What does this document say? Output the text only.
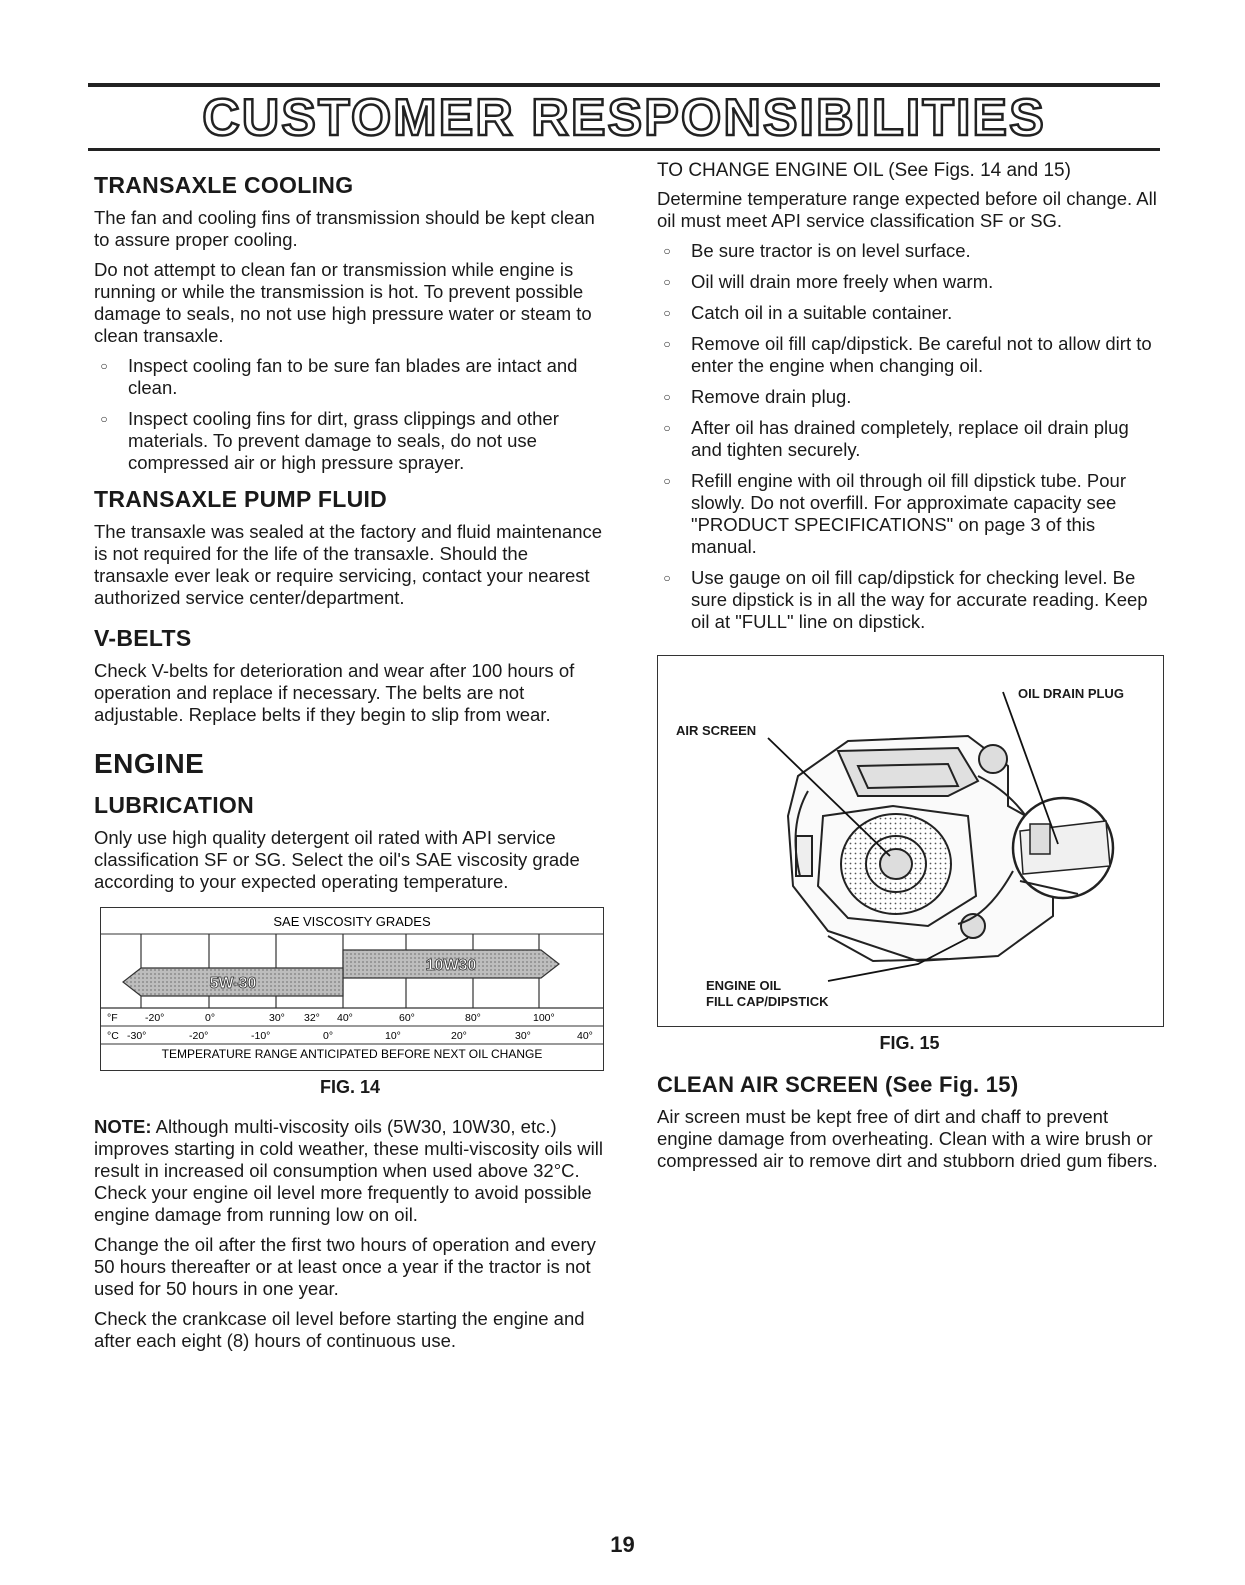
CUSTOMER RESPONSIBILITIES
TRANSAXLE COOLING

The fan and cooling fins of transmission should be kept clean to assure proper cooling.

Do not attempt to clean fan or transmission while engine is running or while the transmission is hot. To prevent possible damage to seals, no not use high pressure water or steam to clean transaxle.

○	Inspect cooling fan to be sure fan blades are intact and clean.
○	Inspect cooling fins for dirt, grass clippings and other materials. To prevent damage to seals, do not use compressed air or high pressure sprayer.
TRANSAXLE PUMP FLUID

The transaxle was sealed at the factory and fluid maintenance is not required for the life of the transaxle. Should the transaxle ever leak or require servicing, contact your nearest authorized service center/department.

V-BELTS

Check V-belts for deterioration and wear after 100 hours of operation and replace if necessary. The belts are not adjustable. Replace belts if they begin to slip from wear.

ENGINE
LUBRICATION

Only use high quality detergent oil rated with API service classification SF or SG. Select the oil's SAE viscosity grade according to your expected operating temperature.

SAE VISCOSITY GRADES
10W30
5W-30
°F	-20°	0°	30° 32° 40°	60°	80°	100°
°C -30°	-20°	-10°	0°	10°	20°	30°	40°
TEMPERATURE RANGE ANTICIPATED BEFORE NEXT OIL CHANGE
FIG. 14

NOTE: Although multi-viscosity oils (5W30, 10W30, etc.) improves starting in cold weather, these multi-viscosity oils will result in increased oil consumption when used above 32°C. Check your engine oil level more frequently to avoid possible engine damage from running low on oil.

Change the oil after the first two hours of operation and every 50 hours thereafter or at least once a year if the tractor is not used for 50 hours in one year.

Check the crankcase oil level before starting the engine and after each eight (8) hours of continuous use.

TO CHANGE ENGINE OIL (See Figs. 14 and 15)

Determine temperature range expected before oil change. All oil must meet API service classification SF or SG.

○	Be sure tractor is on level surface.
○	Oil will drain more freely when warm.
○	Catch oil in a suitable container.
○	Remove oil fill cap/dipstick. Be careful not to allow dirt to enter the engine when changing oil.
○	Remove drain plug.
○	After oil has drained completely, replace oil drain plug and tighten securely.
○	Refill engine with oil through oil fill dipstick tube. Pour slowly. Do not overfill. For approximate capacity see "PRODUCT SPECIFICATIONS" on page 3 of this manual.
○	Use gauge on oil fill cap/dipstick for checking level. Be sure dipstick is in all the way for accurate reading. Keep oil at "FULL" line on dipstick.
OIL DRAIN PLUG
AIR SCREEN
ENGINE OIL
FILL CAP/DIPSTICK
FIG. 15
CLEAN AIR SCREEN (See Fig. 15)

Air screen must be kept free of dirt and chaff to prevent engine damage from overheating. Clean with a wire brush or compressed air to remove dirt and stubborn dried gum fibers.

19
